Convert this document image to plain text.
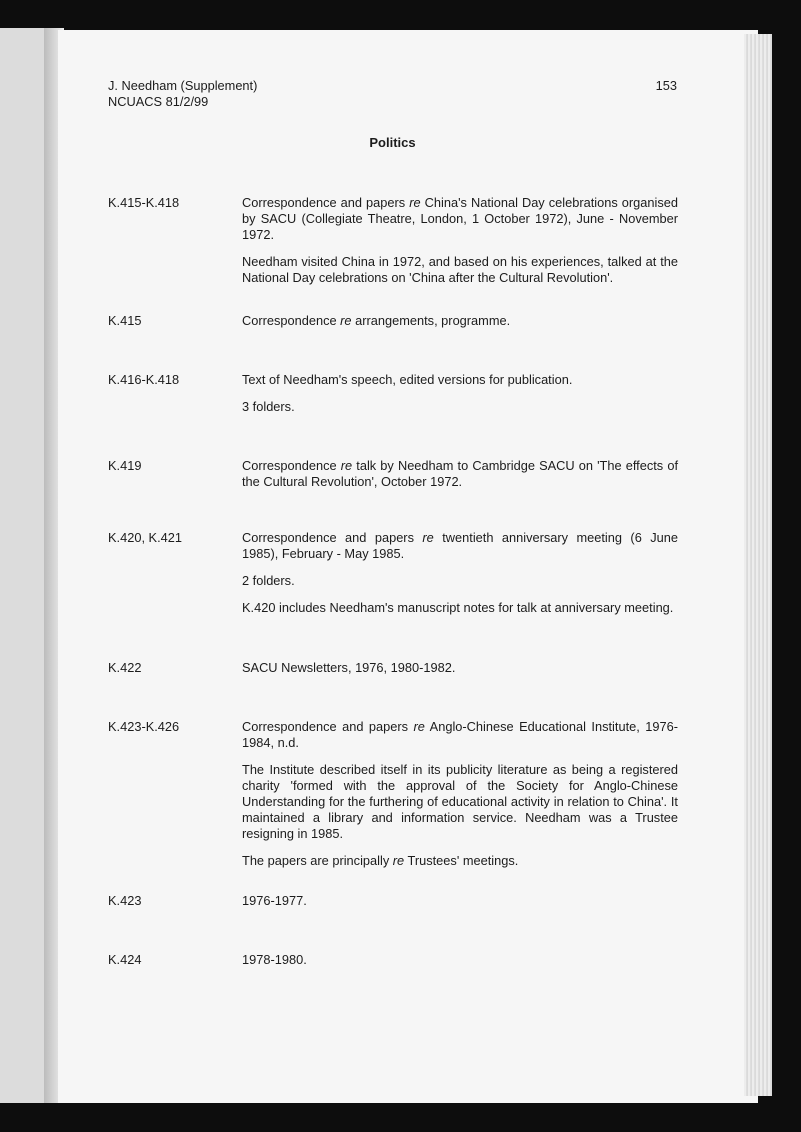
J. Needham (Supplement)
NCUACS 81/2/99
153
Politics
K.415-K.418	Correspondence and papers re China's National Day celebrations organised by SACU (Collegiate Theatre, London, 1 October 1972), June - November 1972.

Needham visited China in 1972, and based on his experiences, talked at the National Day celebrations on 'China after the Cultural Revolution'.

K.415	Correspondence re arrangements, programme.

K.416-K.418	Text of Needham's speech, edited versions for publication.

3 folders.

K.419	Correspondence re talk by Needham to Cambridge SACU on 'The effects of the Cultural Revolution', October 1972.

K.420, K.421	Correspondence and papers re twentieth anniversary meeting (6 June 1985), February - May 1985.

2 folders.

K.420 includes Needham's manuscript notes for talk at anniversary meeting.

K.422	SACU Newsletters, 1976, 1980-1982.

K.423-K.426	Correspondence and papers re Anglo-Chinese Educational Institute, 1976-1984, n.d.

The Institute described itself in its publicity literature as being a registered charity 'formed with the approval of the Society for Anglo-Chinese Understanding for the furthering of educational activity in relation to China'. It maintained a library and information service. Needham was a Trustee resigning in 1985.

The papers are principally re Trustees' meetings.

K.423	1976-1977.

K.424	1978-1980.
